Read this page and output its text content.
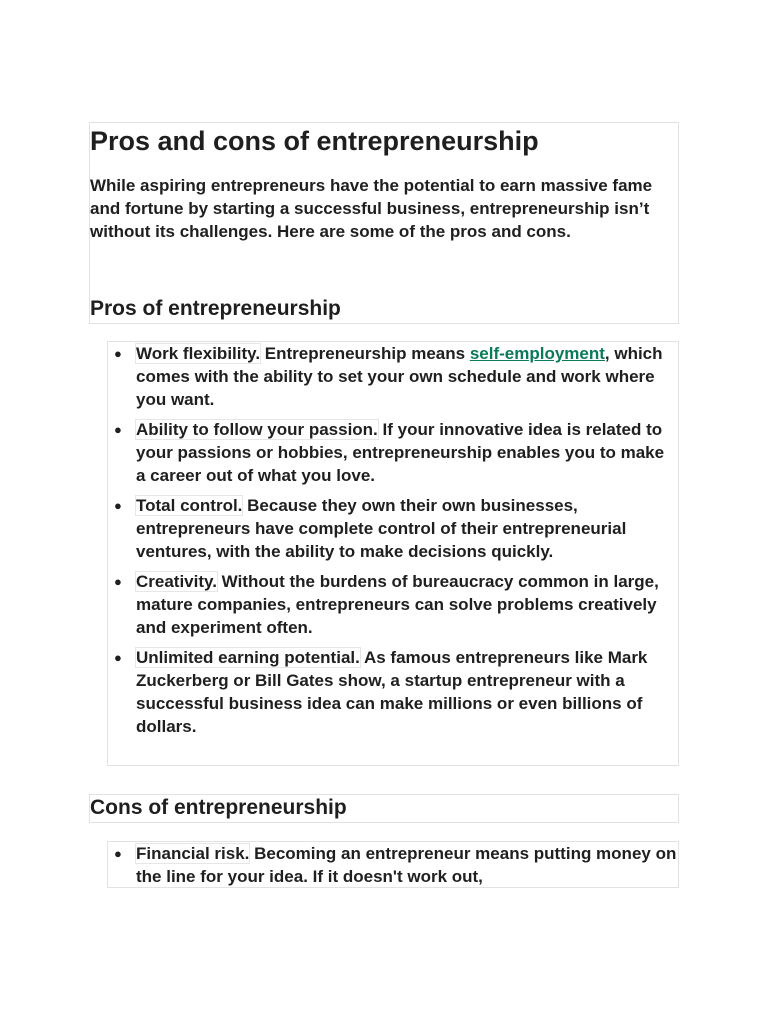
Pros and cons of entrepreneurship

While aspiring entrepreneurs have the potential to earn massive fame and fortune by starting a successful business, entrepreneurship isn’t without its challenges. Here are some of the pros and cons.

Pros of entrepreneurship
● Work flexibility. Entrepreneurship means self-employment, which comes with the ability to set your own schedule and work where you want.
● Ability to follow your passion. If your innovative idea is related to your passions or hobbies, entrepreneurship enables you to make a career out of what you love.
● Total control. Because they own their own businesses, entrepreneurs have complete control of their entrepreneurial ventures, with the ability to make decisions quickly.
● Creativity. Without the burdens of bureaucracy common in large, mature companies, entrepreneurs can solve problems creatively and experiment often.
● Unlimited earning potential. As famous entrepreneurs like Mark Zuckerberg or Bill Gates show, a startup entrepreneur with a successful business idea can make millions or even billions of dollars.
Cons of entrepreneurship
● Financial risk. Becoming an entrepreneur means putting money on the line for your idea. If it doesn't work out,
